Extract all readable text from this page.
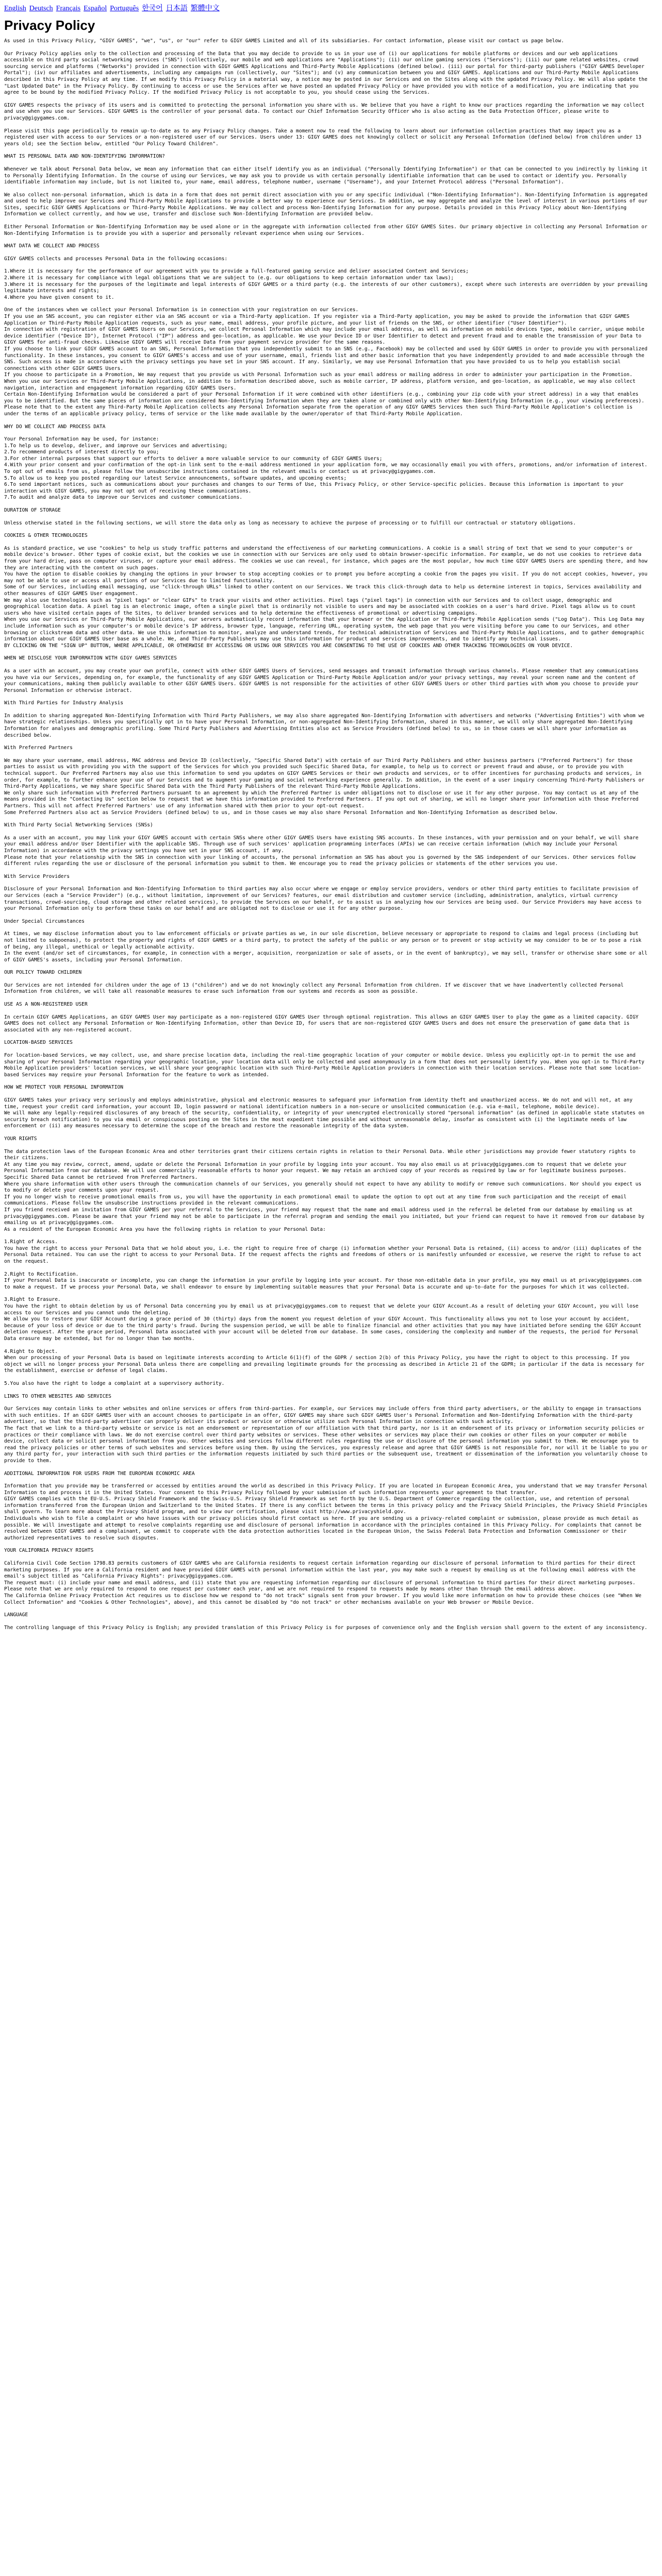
English Deutsch Français Español Português 한국어 日本語 繁體中文
Privacy Policy
As used in this Privacy Policy, "GIGY GAMES", "we", "us", or "our" refer to GIGY GAMES Limited and all of its subsidiaries. For contact information, please visit our contact us page below.
Our Privacy Policy applies only to the collection and processing of the Data that you may decide to provide to us in your use of (i) our applications for mobile platforms or devices and our web applications accessible on third party social networking services ("SNS") (collectively, our mobile and web applications are "Applications"); (ii) our online gaming services ("Services"); (iii) our game related websites, crowd sourcing service and platforms ("Networks") provided in connection with GIGY GAMES Applications and Third-Party Mobile Applications (defined below). (iii) our portal for third-party publishers ("GIGY GAMES Developer Portal"); (iv) our affiliates and advertisements, including any campaigns run (collectively, our "Sites"); and (v) any communication between you and GIGY GAMES. Applications and our Third-Party Mobile Applications described in this Privacy Policy at any time. If we modify this Privacy Policy in a material way, a notice may be posted in our Services and on the Sites along with the updated Privacy Policy. We will also update the "Last Updated Date" in the Privacy Policy. By continuing to access or use the Services after we have posted an updated Privacy Policy or have provided you with notice of a modification, you are indicating that you agree to be bound by the modified Privacy Policy. If the modified Privacy Policy is not acceptable to you, you should cease using the Services.
GIGY GAMES respects the privacy of its users and is committed to protecting the personal information you share with us. We believe that you have a right to know our practices regarding the information we may collect and use when you use our Services. GIGY GAMES is the controller of your personal data. To contact our Chief Information Security Officer who is also acting as the Data Protection Officer, please write to privacy@gigygames.com.
Please visit this page periodically to remain up-to-date as to any Privacy Policy changes. Take a moment now to read the following to learn about our information collection practices that may impact you as a registered user with access to our Services or a non-registered user of our Services. Users under 13: GIGY GAMES does not knowingly collect or solicit any Personal Information (defined below) from children under 13 years old; see the Section below, entitled "Our Policy Toward Children".
WHAT IS PERSONAL DATA AND NON-IDENTIFYING INFORMATION?
Whenever we talk about Personal Data below, we mean any information that can either itself identify you as an individual ("Personally Identifying Information") or that can be connected to you indirectly by linking it to Personally Identifying Information. In the course of using our Services, we may ask you to provide us with certain personally identifiable information that can be used to contact or identify you. Personally identifiable information may include, but is not limited to, your name, email address, telephone number, username ("Username"), and your Internet Protocol address ("Personal Information").
We also collect non-personal information, which is data in a form that does not permit direct association with you or any specific individual ("Non-Identifying Information"). Non-Identifying Information is aggregated and used to help improve our Services and Third-Party Mobile Applications to provide a better way to experience our Services. In addition, we may aggregate and analyze the level of interest in various portions of our Sites, specific GIGY GAMES Applications or Third-Party Mobile Applications. We may collect and process Non-Identifying Information for any purpose. Details provided in this Privacy Policy about Non-Identifying Information we collect currently, and how we use, transfer and disclose such Non-Identifying Information are provided below.
Either Personal Information or Non-Identifying Information may be used alone or in the aggregate with information collected from other GIGY GAMES Sites. Our primary objective in collecting any Personal Information or Non-Identifying Information is to provide you with a superior and personally relevant experience when using our Services.
WHAT DATA WE COLLECT AND PROCESS
GIGY GAMES collects and processes Personal Data in the following occasions:
1.Where it is necessary for the performance of our agreement with you to provide a full-featured gaming service and deliver associated Content and Services;
2.Where it is necessary for compliance with legal obligations that we are subject to (e.g. our obligations to keep certain information under tax laws);
3.Where it is necessary for the purposes of the legitimate and legal interests of GIGY GAMES or a third party (e.g. the interests of our other customers), except where such interests are overridden by your prevailing legitimate interests and rights;
4.Where you have given consent to it.
One of the instances when we collect your Personal Information is in connection with your registration on our Services.
If you use an SNS account, you can register either via an SNS account or via a Third-Party application. If you register via a Third-Party application, you may be asked to provide the information that GIGY GAMES Application or Third-Party Mobile Application requests, such as your name, email address, your profile picture, and your list of friends on the SNS, or other identifier ("User Identifier").
In connection with registration of GIGY GAMES Users on our Services, we collect Personal Information which may include your email address, as well as information on mobile devices type, mobile carrier, unique mobile device identifier ("Device ID"), Internet Protocol ("IP") address and geo-location, as applicable. We use your Device ID or User Identifier to detect and prevent fraud and to enable the transmission of your Data to GIGY GAMES for anti-fraud checks. Likewise GIGY GAMES will receive Data from your payment service provider for the same reasons.
If you choose to link your GIGY GAMES account to an SNS, Personal Information that you independently submit to an SNS (e.g., Facebook) may be collected and used by GIGY GAMES in order to provide you with personalized functionality. In these instances, you consent to GIGY GAMES's access and use of your username, email, friends list and other basic information that you have independently provided to and made accessible through the SNS. Such access is made in accordance with the privacy settings you have set in your SNS account. If any. Similarly, we may use Personal Information that you have provided to us to help you establish social connections with other GIGY GAMES Users.
If you choose to participate in a Promotion, We may request that you provide us with Personal Information such as your email address or mailing address in order to administer your participation in the Promotion.
When you use our Services or Third-Party Mobile Applications, in addition to information described above, such as mobile carrier, IP address, platform version, and geo-location, as applicable, we may also collect navigation, interaction and engagement information regarding GIGY GAMES Users.
Certain Non-Identifying Information would be considered a part of your Personal Information if it were combined with other identifiers (e.g., combining your zip code with your street address) in a way that enables you to be identified. But the same pieces of information are considered Non-Identifying Information when they are taken alone or combined only with other Non-Identifying Information (e.g., your viewing preferences).
Please note that to the extent any Third-Party Mobile Application collects any Personal Information separate from the operation of any GIGY GAMES Services then such Third-Party Mobile Application's collection is under the terms of an applicable privacy policy, terms of service or the like made available by the owner/operator of that Third-Party Mobile Application.
WHY DO WE COLLECT AND PROCESS DATA
Your Personal Information may be used, for instance:
1.To help us to develop, deliver, and improve our Services and advertising;
2.To recommend products of interest directly to you;
3.For other internal purposes that support our efforts to deliver a more valuable service to our community of GIGY GAMES Users;
4.With your prior consent and your confirmation of the opt-in link sent to the e-mail address mentioned in your application form, we may occasionally email you with offers, promotions, and/or information of interest. To opt out of emails from us, please follow the unsubscribe instructions contained in the relevant emails or contact us at privacy@gigygames.com.
5.To allow us to keep you posted regarding our latest Service announcements, software updates, and upcoming events;
6.To send important notices, such as communications about your purchases and changes to our Terms of Use, this Privacy Policy, or other Service-specific policies. Because this information is important to your interaction with GIGY GAMES, you may not opt out of receiving these communications.
7.To audit and analyze data to improve our Services and customer communications.
DURATION OF STORAGE
Unless otherwise stated in the following sections, we will store the data only as long as necessary to achieve the purpose of processing or to fulfill our contractual or statutory obligations.
COOKIES & OTHER TECHNOLOGIES
As is standard practice, we use "cookies" to help us study traffic patterns and understand the effectiveness of our marketing communications. A cookie is a small string of text that we send to your computer's or mobile device's browser. Other types of cookie exist, but the cookies we use in connection with our Services are only used to obtain browser-specific information. For example, we do not use cookies to retrieve data from your hard drive, pass on computer viruses, or capture your email address. The cookies we use can reveal, for instance, which pages are the most popular, how much time GIGY GAMES Users are spending there, and how they are interacting with the content on such pages.
You have the option to disable cookies by changing the options in your browser to stop accepting cookies or to prompt you before accepting a cookie from the pages you visit. If you do not accept cookies, however, you may not be able to use or access all portions of our Services due to limited functionality.
Some of our Services, including email messaging, use "click-through URLs" linked to other content on our Services. We track this click-through data to help us determine interest in topics, Services availability and other measures of GIGY GAMES User engagement.
We may also use technologies such as "pixel tags" or "clear GIFs" to track your visits and other activities. Pixel tags ("pixel tags") in connection with our Services and to collect usage, demographic and geographical location data. A pixel tag is an electronic image, often a single pixel that is ordinarily not visible to users and may be associated with cookies on a user's hard drive. Pixel tags allow us to count users who have visited certain pages of the Sites, to deliver branded services and to help determine the effectiveness of promotional or advertising campaigns.
When you use our Services or Third-Party Mobile Applications, our servers automatically record information that your browser or the Application or Third-Party Mobile Application sends ("Log Data"). This Log Data may include information such as your computer's or mobile device's IP address, browser type, language, referring URL, operating system, the web page that you were visiting before you came to our Services, and other browsing or clickstream data and other data. We use this information to monitor, analyze and understand trends, for technical administration of Services and Third-Party Mobile Applications, and to gather demographic information about our GIGY GAMES User base as a whole. We, and Third-Party Publishers may use this information for product and services improvements, and to identify any technical issues.
BY CLICKING ON THE "SIGN UP" BUTTON, WHERE APPLICABLE, OR OTHERWISE BY ACCESSING OR USING OUR SERVICES YOU ARE CONSENTING TO THE USE OF COOKIES AND OTHER TRACKING TECHNOLOGIES ON YOUR DEVICE.
WHEN WE DISCLOSE YOUR INFORMATION WITH GIGY GAMES SERVICES
As a user with an account, you may create your own profile, connect with other GIGY GAMES Users of Services, send messages and transmit information through various channels. Please remember that any communications you have via our Services, depending on, for example, the functionality of any GIGY GAMES Application or Third-Party Mobile Application and/or your privacy settings, may reveal your screen name and the content of your communications, making them publicly available to other GIGY GAMES Users. GIGY GAMES is not responsible for the activities of other GIGY GAMES Users or other third parties with whom you choose to provide your Personal Information or otherwise interact.
With Third Parties for Industry Analysis
In addition to sharing aggregated Non-Identifying Information with Third Party Publishers, we may also share aggregated Non-Identifying Information with advertisers and networks ("Advertising Entities") with whom we have strategic relationships. Unless you specifically opt in to have your Personal Information, or non-aggregated Non-Identifying Information, shared in this manner, we will only share aggregated Non-Identifying Information for analyses and demographic profiling. Some Third Party Publishers and Advertising Entities also act as Service Providers (defined below) to us, so in those cases we will share your information as described below.
With Preferred Partners
We may share your username, email address, MAC address and Device ID (collectively, "Specific Shared Data") with certain of our Third Party Publishers and other business partners ("Preferred Partners") for those parties to assist us with providing you with the support of the Services for which you provided such Specific Shared Data, for example, to help us to correct or prevent fraud and abuse, or to provide you with technical support. Our Preferred Partners may also use this information to send you updates on GIGY GAMES Services or their own products and services, or to offer incentives for purchasing products and services, in order, for example, to further enhance your use of our Services and to augment your gaming and social networking experience generally. In addition, in the event of a user inquiry concerning Third-Party Publishers or Third-Party Applications, we may share Specific Shared Data with the Third Party Publishers of the relevant Third-Party Mobile Applications.
We only share such information with Preferred Partners pursuant to an agreement by which the Preferred Partner is under obligations not to disclose or use it for any other purpose. You may contact us at any of the means provided in the "Contacting Us" section below to request that we have this information provided to Preferred Partners. If you opt out of sharing, we will no longer share your information with those Preferred Partners. This will not affect Preferred Partners' use of any information shared with them prior to your opt-out request.
Some Preferred Partners also act as Service Providers (defined below) to us, and in those cases we may also share Personal Information and Non-Identifying Information as described below.
With Third Party Social Networking Services (SNSs)
As a user with an account, you may link your GIGY GAMES account with certain SNSs where other GIGY GAMES Users have existing SNS accounts. In these instances, with your permission and on your behalf, we will share your email address and/or User Identifier with the applicable SNS. Through use of such services' application programming interfaces (APIs) we can receive certain information (which may include your Personal Information) in accordance with the privacy settings you have set in your SNS account, if any.
Please note that your relationship with the SNS in connection with your linking of accounts, the personal information an SNS has about you is governed by the SNS independent of our Services. Other services follow different rules regarding the use or disclosure of the personal information you submit to them. We encourage you to read the privacy policies or statements of the other services you use.
With Service Providers
Disclosure of your Personal Information and Non-Identifying Information to third parties may also occur where we engage or employ service providers, vendors or other third party entities to facilitate provision of our Services (each a "Service Provider") (e.g., without limitation, improvement of our Services? features, our email distribution and customer service (including, administration, analytics, virtual currency transactions, crowd-sourcing, cloud storage and other related services), to provide the Services on our behalf, or to assist us in analyzing how our Services are being used. Our Service Providers may have access to your Personal Information only to perform these tasks on our behalf and are obligated not to disclose or use it for any other purpose.
Under Special Circumstances
At times, we may disclose information about you to law enforcement officials or private parties as we, in our sole discretion, believe necessary or appropriate to respond to claims and legal process (including but not limited to subpoenas), to protect the property and rights of GIGY GAMES or a third party, to protect the safety of the public or any person or to prevent or stop activity we may consider to be or to pose a risk of being, any illegal, unethical or legally actionable activity.
In the event (and/or set of circumstances, for example, in connection with a merger, acquisition, reorganization or sale of assets, or in the event of bankruptcy), we may sell, transfer or otherwise share some or all of GIGY GAMES's assets, including your Personal Information.
OUR POLICY TOWARD CHILDREN
Our Services are not intended for children under the age of 13 ("children") and we do not knowingly collect any Personal Information from children. If we discover that we have inadvertently collected Personal Information from children, we will take all reasonable measures to erase such information from our systems and records as soon as possible.
USE AS A NON-REGISTERED USER
In certain GIGY GAMES Applications, an GIGY GAMES User may participate as a non-registered GIGY GAMES User through optional registration. This allows an GIGY GAMES User to play the game as a limited capacity. GIGY GAMES does not collect any Personal Information or Non-Identifying Information, other than Device ID, for users that are non-registered GIGY GAMES Users and does not ensure the preservation of game data that is associated with any non-registered account.
LOCATION-BASED SERVICES
For location-based Services, we may collect, use, and share precise location data, including the real-time geographic location of your computer or mobile device. Unless you explicitly opt-in to permit the use and sharing of your Personal Information regarding your geographic location, your location data will only be collected and used anonymously in a form that does not personally identify you. When you opt-in to Third-Party Mobile Application providers' location services, we will share your geographic location with such Third-Party Mobile Application providers in connection with their location services. Please note that some location-based Services may require your Personal Information for the feature to work as intended.
HOW WE PROTECT YOUR PERSONAL INFORMATION
GIGY GAMES takes your privacy very seriously and employs administrative, physical and electronic measures to safeguard your information from identity theft and unauthorized access. We do not and will not, at any time, request your credit card information, your account ID, login password or national identification numbers in a non-secure or unsolicited communication (e.g. via e-mail, telephone, mobile device).
We will make any legally-required disclosures of any breach of the security, confidentiality, or integrity of your unencrypted electronically stored "personal information" (as defined in applicable state statutes on security breach notification) to you via email or conspicuous posting on the Sites in the most expedient time possible and without unreasonable delay, insofar as consistent with (i) the legitimate needs of law enforcement or (ii) any measures necessary to determine the scope of the breach and restore the reasonable integrity of the data system.
YOUR RIGHTS
The data protection laws of the European Economic Area and other territories grant their citizens certain rights in relation to their Personal Data. While other jurisdictions may provide fewer statutory rights to their citizens.
At any time you may review, correct, amend, update or delete the Personal Information in your profile by logging into your account. You may also email us at privacy@gigygames.com to request that we delete your Personal Information from our database. We will use commercially reasonable efforts to honor your request. We may retain an archived copy of your records as required by law or for legitimate business purposes. Specific Shared Data cannot be retrieved from Preferred Partners.
Where you share information with other users through the communication channels of our Services, you generally should not expect to have any ability to modify or remove such communications. Nor should you expect us to modify or delete your comments upon your request.
If you no longer wish to receive promotional emails from us, you will have the opportunity in each promotional email to update the option to opt out at any time from such participation and the receipt of email communications. Please follow the unsubscribe instructions provided in the relevant communications.
If you friend received an invitation from GIGY GAMES per your referral to the Services, your friend may request that the name and email address used in the referral be deleted from our database by emailing us at privacy@gigygames.com. Please be aware that your friend may not be able to participate in the referral program and sending the email you initiated, but your friend can request to have it removed from our database by emailing us at privacy@gigygames.com.
As a resident of the European Economic Area you have the following rights in relation to your Personal Data:
1.Right of Access.
You have the right to access your Personal Data that we hold about you, i.e. the right to require free of charge (i) information whether your Personal Data is retained, (ii) access to and/or (iii) duplicates of the Personal Data retained. You can use the right to access to your Personal Data. If the request affects the rights and freedoms of others or is manifestly unfounded or excessive, we reserve the right to refuse to act on the request.
2.Right to Rectification.
If your Personal Data is inaccurate or incomplete, you can change the information in your profile by logging into your account. For those non-editable data in your profile, you may email us at privacy@gigygames.com to make a request. If we process your Personal Data, we shall endeavor to ensure by implementing suitable measures that your Personal Data is accurate and up-to-date for the purposes for which it was collected.
3.Right to Erasure.
You have the right to obtain deletion by us of Personal Data concerning you by email us at privacy@gigygames.com to request that we delete your GIGY Account.As a result of deleting your GIGY Account, you will lose access to our Services and you cannot undo the deleting.
We allow you to restore your GIGY Account during a grace period of 30 (thirty) days from the moment you request deletion of your GIGY Account. This functionality allows you not to lose your account by accident, because of your loss of device or due to the third party's fraud. During the suspension period, we will be able to finalize financial and other activities that you may have initiated before sending the GIGY Account deletion request. After the grace period, Personal Data associated with your account will be deleted from our database. In some cases, considering the complexity and number of the requests, the period for Personal Data erasure may be extended, but for no longer than two months.
4.Right to Object.
When our processing of your Personal Data is based on legitimate interests according to Article 6(1)(f) of the GDPR / section 2(b) of this Privacy Policy, you have the right to object to this processing. If you object we will no longer process your Personal Data unless there are compelling and prevailing legitimate grounds for the processing as described in Article 21 of the GDPR; in particular if the data is necessary for the establishment, exercise or defense of legal claims.
5.You also have the right to lodge a complaint at a supervisory authority.
LINKS TO OTHER WEBSITES AND SERVICES
Our Services may contain links to other websites and online services or offers from third-parties. For example, our Services may include offers from third party advertisers, or the ability to engage in transactions with such entities. If an GIGY GAMES User with an account chooses to participate in an offer, GIGY GAMES may share such GIGY GAMES User's Personal Information and Non-Identifying Information with the third-party advertiser, so that the third-party advertiser can properly deliver its product or service or otherwise utilize such Personal Information in connection with such activity.
The fact that we link to a third-party website or service is not an endorsement or representation of our affiliation with that third party, nor is it an endorsement of its privacy or information security policies or practices or their compliance with laws. We do not exercise control over third party websites or services. These other websites or services may place their own cookies or other files on your computer or mobile device, collect data or solicit personal information from you. Other websites and services follow different rules regarding the use or disclosure of the personal information you submit to them. We encourage you to read the privacy policies or other terms of such websites and services before using them. By using the Services, you expressly release and agree that GIGY GAMES is not responsible for, nor will it be liable to you or any third party for, your interaction with such third parties or the information requests initiated by such third parties or the subsequent use, treatment or dissemination of the information you voluntarily choose to provide to them.
ADDITIONAL INFORMATION FOR USERS FROM THE EUROPEAN ECONOMIC AREA
Information that you provide may be transferred or accessed by entities around the world as described in this Privacy Policy. If you are located in European Economic Area, you understand that we may transfer Personal Information to and process it in the United States. Your consent to this Privacy Policy followed by your submission of such information represents your agreement to that transfer.
GIGY GAMES complies with the EU-U.S. Privacy Shield Framework and the Swiss-U.S. Privacy Shield Framework as set forth by the U.S. Department of Commerce regarding the collection, use, and retention of personal information transferred from the European Union and Switzerland to the United States. If there is any conflict between the terms in this privacy policy and the Privacy Shield Principles, the Privacy Shield Principles shall govern. To learn more about the Privacy Shield program, and to view our certification, please visit http://www.privacyshield.gov.
Individuals who wish to file a complaint or who have issues with our privacy policies should first contact us here. If you are sending us a privacy-related complaint or submission, please provide as much detail as possible. We will investigate and attempt to resolve complaints regarding use and disclosure of personal information in accordance with the principles contained in this Privacy Policy. For complaints that cannot be resolved between GIGY GAMES and a complainant, we commit to cooperate with the data protection authorities located in the European Union, the Swiss Federal Data Protection and Information Commissioner or their authorized representatives to resolve such disputes.
YOUR CALIFORNIA PRIVACY RIGHTS
California Civil Code Section 1798.83 permits customers of GIGY GAMES who are California residents to request certain information regarding our disclosure of personal information to third parties for their direct marketing purposes. If you are a California resident and have provided GIGY GAMES with personal information within the last year, you may make such a request by emailing us at the following email address with the email's subject titled as "California Privacy Rights": privacy@gigygames.com.
The request must: (i) include your name and email address, and (ii) state that you are requesting information regarding our disclosure of personal information to third parties for their direct marketing purposes. Please note that we are only required to respond to one request per customer each year, and we are not required to respond to requests made by means other than through the email address above.
The California Online Privacy Protection Act requires us to disclose how we respond to "do not track" signals sent from your browser. If you would like more information on how to provide these choices (see "When We Collect Information" and "Cookies & Other Technologies", above), and this cannot be disabled by "do not track" or other mechanisms available on your Web browser or Mobile Device.
LANGUAGE
The controlling language of this Privacy Policy is English; any provided translation of this Privacy Policy is for purposes of convenience only and the English version shall govern to the extent of any inconsistency.
